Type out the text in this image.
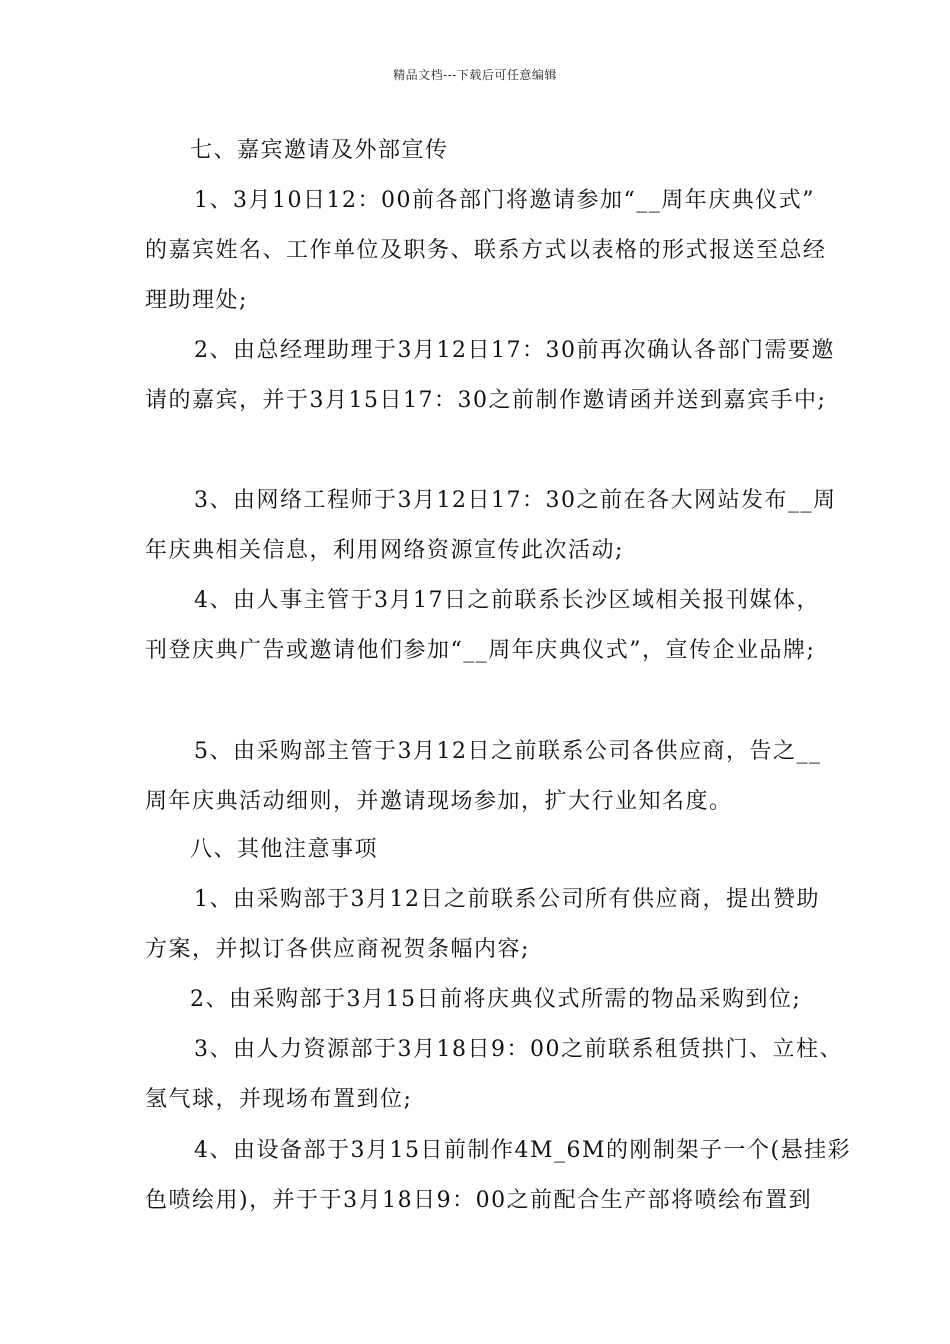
精品文档---下载后可任意编辑
七、嘉宾邀请及外部宣传
1、3月10日12：00前各部门将邀请参加“__周年庆典仪式”
的嘉宾姓名、工作单位及职务、联系方式以表格的形式报送至总经
理助理处;
2、由总经理助理于3月12日17：30前再次确认各部门需要邀
请的嘉宾，并于3月15日17：30之前制作邀请函并送到嘉宾手中;
3、由网络工程师于3月12日17：30之前在各大网站发布__周
年庆典相关信息，利用网络资源宣传此次活动;
4、由人事主管于3月17日之前联系长沙区域相关报刊媒体，
刊登庆典广告或邀请他们参加“__周年庆典仪式”，宣传企业品牌;
5、由采购部主管于3月12日之前联系公司各供应商，告之__
周年庆典活动细则，并邀请现场参加，扩大行业知名度。
八、其他注意事项
1、由采购部于3月12日之前联系公司所有供应商，提出赞助
方案，并拟订各供应商祝贺条幅内容;
2、由采购部于3月15日前将庆典仪式所需的物品采购到位;
3、由人力资源部于3月18日9：00之前联系租赁拱门、立柱、
氢气球，并现场布置到位;
4、由设备部于3月15日前制作4M_6M的刚制架子一个(悬挂彩
色喷绘用)，并于于3月18日9：00之前配合生产部将喷绘布置到
